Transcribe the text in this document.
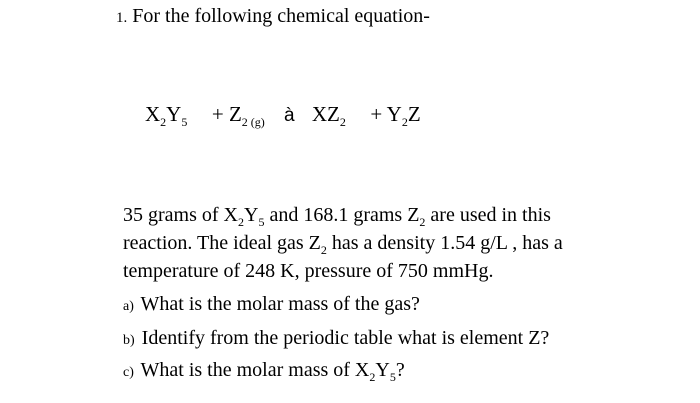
1. For the following chemical equation-
$X_2Y_5 + Z_2$ $_{(g)}$ à $XZ_2 + Y_2Z$
35 grams of $X_2Y_5$ and 168.1 grams $Z_2$ are used in this
reaction. The ideal gas $Z_2$ has a density 1.54 g/L , has a
temperature of 248 K, pressure of 750 mmHg.
a) What is the molar mass of the gas?
b) Identify from the periodic table what is element Z?
c) What is the molar mass of $X_2Y_5$?
